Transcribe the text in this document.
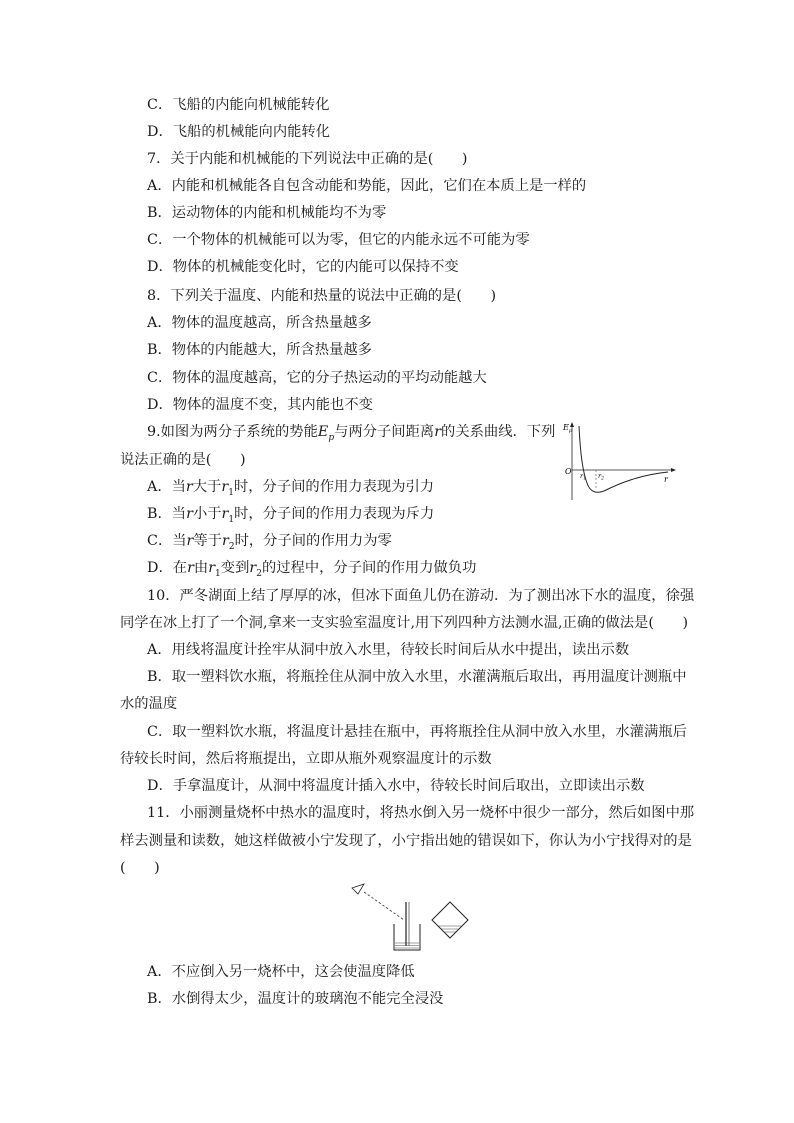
C．飞船的内能向机械能转化
D．飞船的机械能向内能转化
7．关于内能和机械能的下列说法中正确的是(　　)
A．内能和机械能各自包含动能和势能，因此，它们在本质上是一样的
B．运动物体的内能和机械能均不为零
C．一个物体的机械能可以为零，但它的内能永远不可能为零
D．物体的机械能变化时，它的内能可以保持不变
8．下列关于温度、内能和热量的说法中正确的是(　　)
A．物体的温度越高，所含热量越多
B．物体的内能越大，所含热量越多
C．物体的温度越高，它的分子热运动的平均动能越大
D．物体的温度不变，其内能也不变
9.如图为两分子系统的势能$E_p$与两分子间距离r的关系曲线．下列
说法正确的是(　　)
A．当r大于$r_1$时，分子间的作用力表现为引力
B．当r小于$r_1$时，分子间的作用力表现为斥力
C．当r等于$r_2$时，分子间的作用力为零
D．在r由$r_1$变到$r_2$的过程中，分子间的作用力做负功
$E_p$
O
r
$r_1$ $r_2$
10．严冬湖面上结了厚厚的冰，但冰下面鱼儿仍在游动．为了测出冰下水的温度，徐强
同学在冰上打了一个洞,拿来一支实验室温度计,用下列四种方法测水温,正确的做法是(　　)
A．用线将温度计拴牢从洞中放入水里，待较长时间后从水中提出，读出示数
B．取一塑料饮水瓶，将瓶拴住从洞中放入水里，水灌满瓶后取出，再用温度计测瓶中
水的温度
C．取一塑料饮水瓶，将温度计悬挂在瓶中，再将瓶拴住从洞中放入水里，水灌满瓶后
待较长时间，然后将瓶提出，立即从瓶外观察温度计的示数
D．手拿温度计，从洞中将温度计插入水中，待较长时间后取出，立即读出示数
11．小丽测量烧杯中热水的温度时，将热水倒入另一烧杯中很少一部分，然后如图中那
样去测量和读数，她这样做被小宁发现了，小宁指出她的错误如下，你认为小宁找得对的是
(　　)
A．不应倒入另一烧杯中，这会使温度降低
B．水倒得太少，温度计的玻璃泡不能完全浸没
